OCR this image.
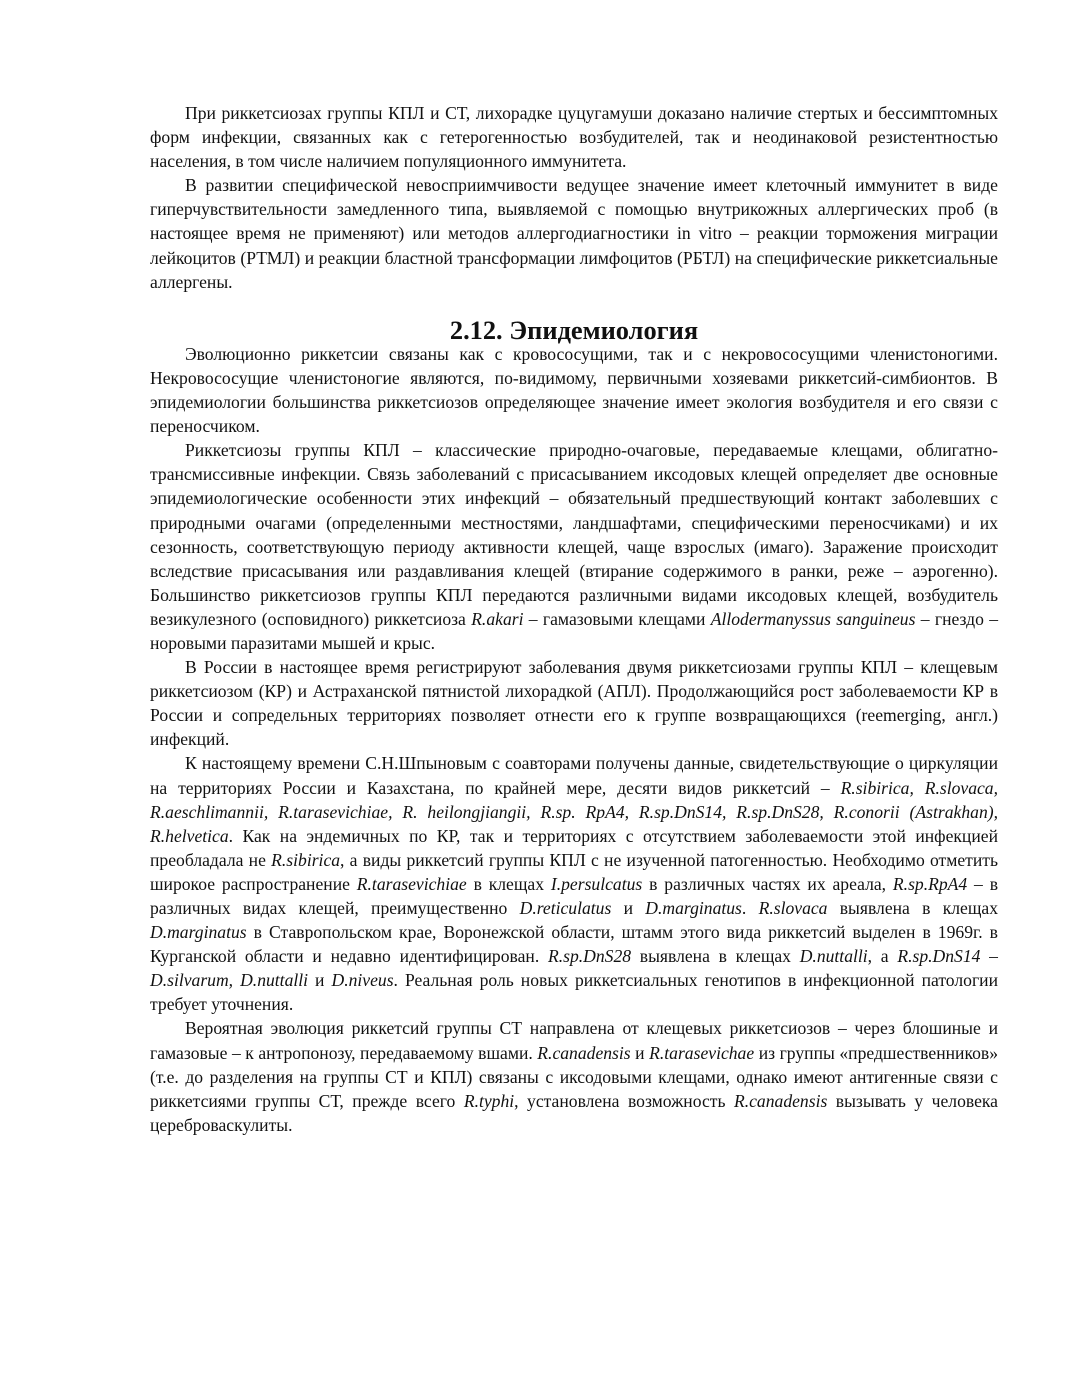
При риккетсиозах группы КПЛ и СТ, лихорадке цуцугамуши доказано наличие стертых и бессимптомных форм инфекции, связанных как с гетерогенностью возбудителей, так и неодинаковой резистентностью населения, в том числе наличием популяционного иммунитета.

В развитии специфической невосприимчивости ведущее значение имеет клеточный иммунитет в виде гиперчувствительности замедленного типа, выявляемой с помощью внутрикожных аллергических проб (в настоящее время не применяют) или методов аллергодиагностики in vitro – реакции торможения миграции лейкоцитов (РТМЛ) и реакции бластной трансформации лимфоцитов (РБТЛ) на специфические риккетсиальные аллергены.

2.12. Эпидемиология

Эволюционно риккетсии связаны как с кровососущими, так и с некровососущими членистоногими. Некровососущие членистоногие являются, по-видимому, первичными хозяевами риккетсий-симбионтов. В эпидемиологии большинства риккетсиозов определяющее значение имеет экология возбудителя и его связи с переносчиком.

Риккетсиозы группы КПЛ – классические природно-очаговые, передаваемые клещами, облигатно-трансмиссивные инфекции. Связь заболеваний с присасыванием иксодовых клещей определяет две основные эпидемиологические особенности этих инфекций – обязательный предшествующий контакт заболевших с природными очагами (определенными местностями, ландшафтами, специфическими переносчиками) и их сезонность, соответствующую периоду активности клещей, чаще взрослых (имаго). Заражение происходит вследствие присасывания или раздавливания клещей (втирание содержимого в ранки, реже – аэрогенно). Большинство риккетсиозов группы КПЛ передаются различными видами иксодовых клещей, возбудитель везикулезного (осповидного) риккетсиоза R.akari – гамазовыми клещами Allodermanyssus sanguineus – гнездо – норовыми паразитами мышей и крыс.

В России в настоящее время регистрируют заболевания двумя риккетсиозами группы КПЛ – клещевым риккетсиозом (КР) и Астраханской пятнистой лихорадкой (АПЛ). Продолжающийся рост заболеваемости КР в России и сопредельных территориях позволяет отнести его к группе возвращающихся (reemerging, англ.) инфекций.

К настоящему времени С.Н.Шпыновым с соавторами получены данные, свидетельствующие о циркуляции на территориях России и Казахстана, по крайней мере, десяти видов риккетсий – R.sibirica, R.slovaca, R.aeschlimannii, R.tarasevichiae, R. heilongjiangii, R.sp. RpA4, R.sp.DnS14, R.sp.DnS28, R.conorii (Astrakhan), R.helvetica. Как на эндемичных по КР, так и территориях с отсутствием заболеваемости этой инфекцией преобладала не R.sibirica, а виды риккетсий группы КПЛ с не изученной патогенностью. Необходимо отметить широкое распространение R.tarasevichiae в клещах I.persulcatus в различных частях их ареала, R.sp.RpA4 – в различных видах клещей, преимущественно D.reticulatus и D.marginatus. R.slovaca выявлена в клещах D.marginatus в Ставропольском крае, Воронежской области, штамм этого вида риккетсий выделен в 1969г. в Курганской области и недавно идентифицирован. R.sp.DnS28 выявлена в клещах D.nuttalli, а R.sp.DnS14 – D.silvarum, D.nuttalli и D.niveus. Реальная роль новых риккетсиальных генотипов в инфекционной патологии требует уточнения.

Вероятная эволюция риккетсий группы СТ направлена от клещевых риккетсиозов – через блошиные и гамазовые – к антропонозу, передаваемому вшами. R.canadensis и R.tarasevichae из группы «предшественников» (т.е. до разделения на группы СТ и КПЛ) связаны с иксодовыми клещами, однако имеют антигенные связи с риккетсиями группы СТ, прежде всего R.typhi, установлена возможность R.canadensis вызывать у человека цереброваскулиты.
